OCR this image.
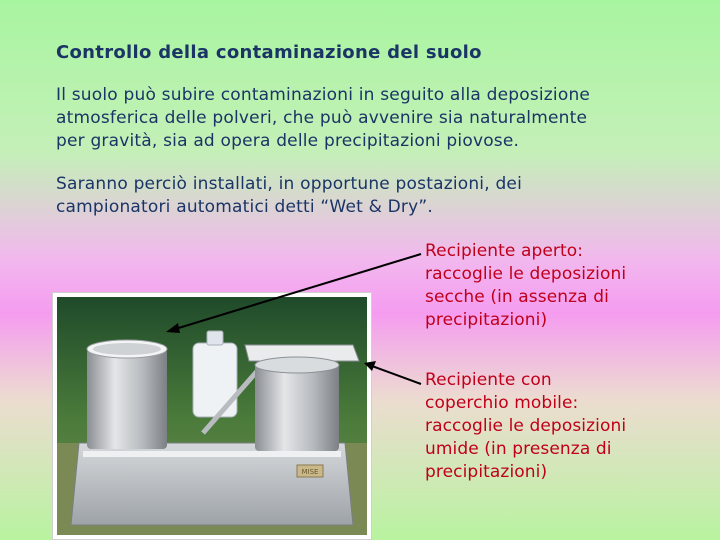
Controllo della contaminazione del suolo
Il suolo può subire contaminazioni in seguito alla deposizione
atmosferica delle polveri, che può avvenire sia naturalmente
per gravità, sia ad opera delle precipitazioni piovose.
Saranno perciò installati, in opportune postazioni, dei
campionatori automatici detti “Wet & Dry”.
Recipiente aperto:
raccoglie le deposizioni
secche (in assenza di
precipitazioni)
Recipiente con
coperchio mobile:
raccoglie le deposizioni
umide (in presenza di
precipitazioni)
MISE
